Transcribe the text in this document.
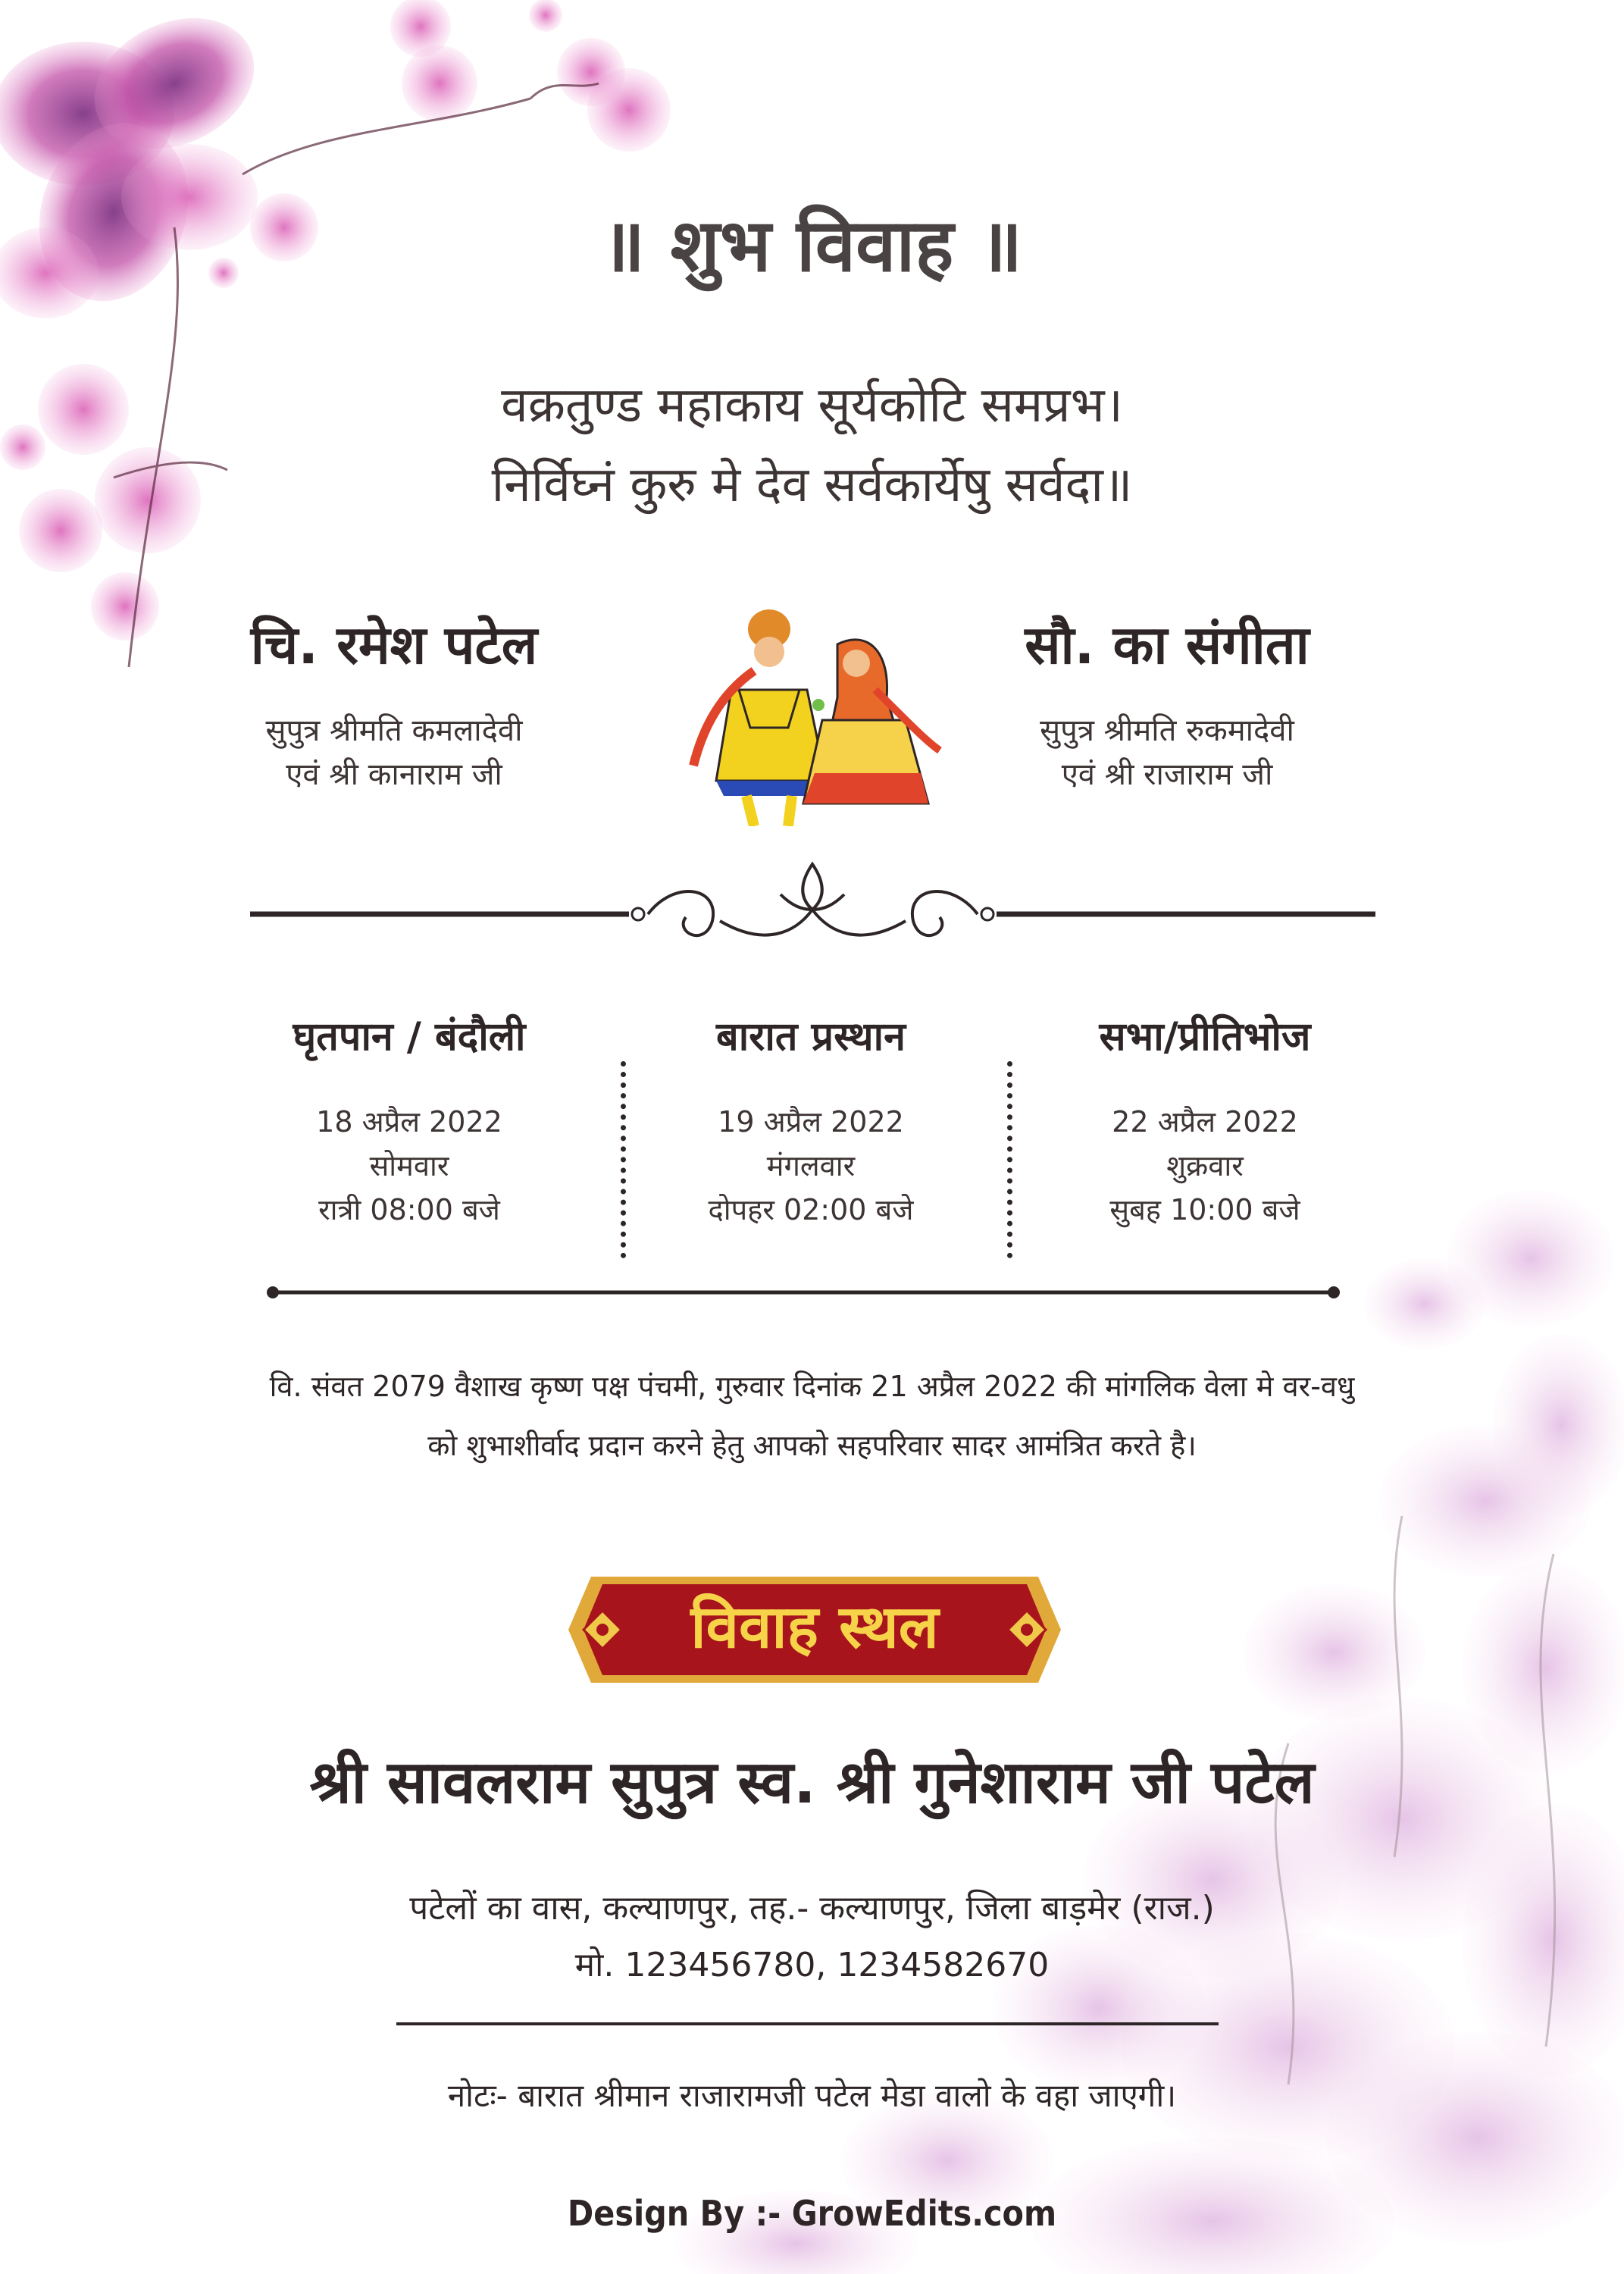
॥ शुभ विवाह ॥
वक्रतुण्ड महाकाय सूर्यकोटि समप्रभ।
निर्विघ्नं कुरु मे देव सर्वकार्येषु सर्वदा॥
चि. रमेश पटेल
सुपुत्र श्रीमति कमलादेवी
एवं श्री कानाराम जी
सौ. का संगीता
सुपुत्र श्रीमति रुकमादेवी
एवं श्री राजाराम जी
घृतपान / बंदौली
18 अप्रैल 2022
सोमवार
रात्री 08:00 बजे
बारात प्रस्थान
19 अप्रैल 2022
मंगलवार
दोपहर 02:00 बजे
सभा/प्रीतिभोज
22 अप्रैल 2022
शुक्रवार
सुबह 10:00 बजे
वि. संवत 2079 वैशाख कृष्ण पक्ष पंचमी, गुरुवार दिनांक 21 अप्रैल 2022 की मांगलिक वेला मे वर-वधु
को शुभाशीर्वाद प्रदान करने हेतु आपको सहपरिवार सादर आमंत्रित करते है।
विवाह स्थल
श्री सावलराम सुपुत्र स्व. श्री गुनेशाराम जी पटेल
पटेलों का वास, कल्याणपुर, तह.- कल्याणपुर, जिला बाड़मेर (राज.)
मो. 123456780, 1234582670
नोटः- बारात श्रीमान राजारामजी पटेल मेडा वालो के वहा जाएगी।
Design By :- GrowEdits.com
